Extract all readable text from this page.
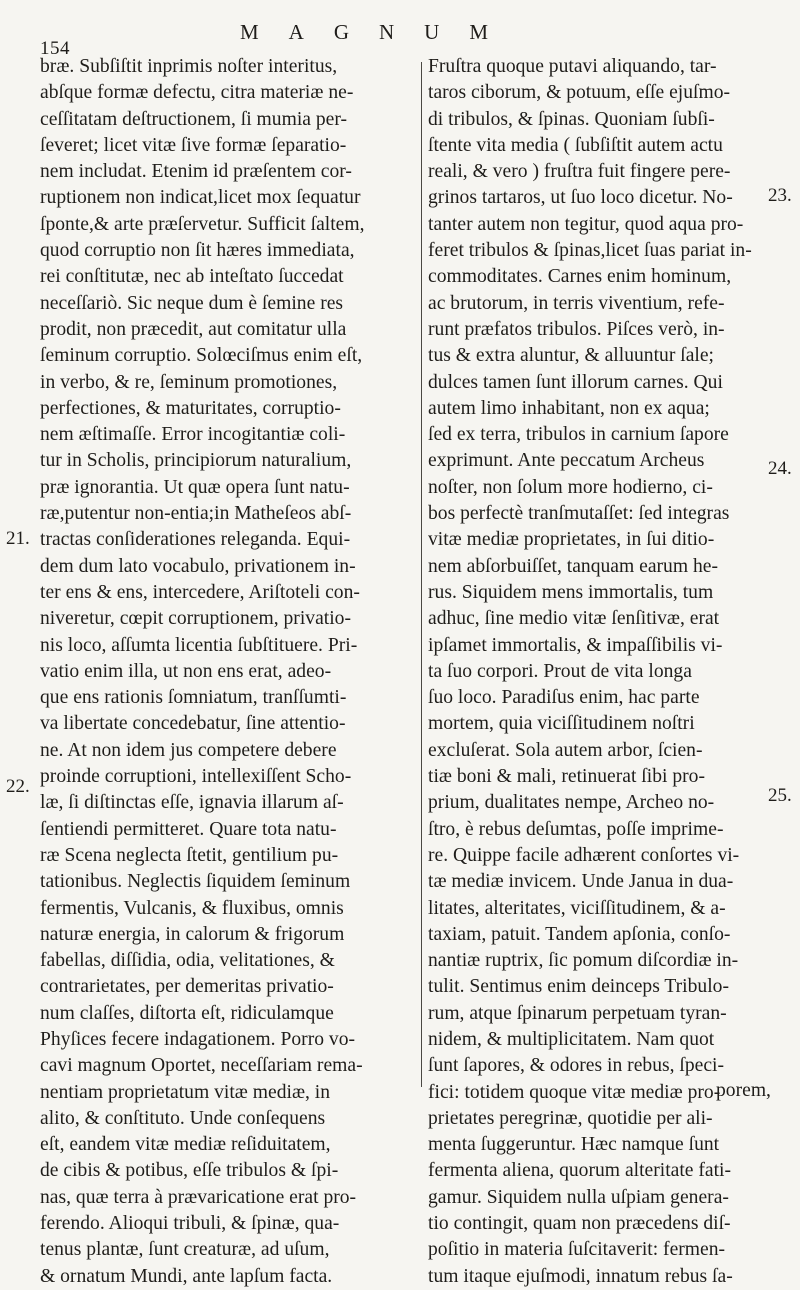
154
MAGNUM
bræ. Subſiſtit inprimis noſter interitus,
abſque formæ defectu, citra materiæ ne-
ceſſitatam deſtructionem, ſi mumia per-
ſeveret; licet vitæ ſive formæ ſeparatio-
nem includat. Etenim id præſentem cor-
ruptionem non indicat,licet mox ſequatur
ſponte,& arte præſervetur. Sufficit ſaltem,
quod corruptio non ſit hæres immediata,
rei conſtitutæ, nec ab inteſtato ſuccedat
neceſſariò. Sic neque dum è ſemine res
prodit, non præcedit, aut comitatur ulla
ſeminum corruptio. Solœciſmus enim eſt,
in verbo, & re, ſeminum promotiones,
perfectiones, & maturitates, corruptio-
nem æſtimaſſe. Error incogitantiæ coli-
tur in Scholis, principiorum naturalium,
præ ignorantia. Ut quæ opera ſunt natu-
ræ,putentur non-entia;in Matheſeos abſ-
tractas conſiderationes releganda. Equi-
dem dum lato vocabulo, privationem in-
ter ens & ens, intercedere, Ariſtoteli con-
niveretur, cœpit corruptionem, privatio-
nis loco, aſſumta licentia ſubſtituere. Pri-
vatio enim illa, ut non ens erat, adeo-
que ens rationis ſomniatum, tranſſumti-
va libertate concedebatur, ſine attentio-
ne. At non idem jus competere debere
proinde corruptioni, intellexiſſent Scho-
læ, ſi diſtinctas eſſe, ignavia illarum aſ-
ſentiendi permitteret. Quare tota natu-
ræ Scena neglecta ſtetit, gentilium pu-
tationibus. Neglectis ſiquidem ſeminum
fermentis, Vulcanis, & fluxibus, omnis
naturæ energia, in calorum & frigorum
fabellas, diſſidia, odia, velitationes, &
contrarietates, per demeritas privatio-
num claſſes, diſtorta eſt, ridiculamque
Phyſices fecere indagationem. Porro vo-
cavi magnum Oportet, neceſſariam rema-
nentiam proprietatum vitæ mediæ, in
alito, & conſtituto. Unde conſequens
eſt, eandem vitæ mediæ reſiduitatem,
de cibis & potibus, eſſe tribulos & ſpi-
nas, quæ terra à prævaricatione erat pro-
ferendo. Alioqui tribuli, & ſpinæ, qua-
tenus plantæ, ſunt creaturæ, ad uſum,
& ornatum Mundi, ante lapſum facta.
Fruſtra quoque putavi aliquando, tar-
taros ciborum, & potuum, eſſe ejuſmo-
di tribulos, & ſpinas. Quoniam ſubſi-
ſtente vita media ( ſubſiſtit autem actu
reali, & vero ) fruſtra fuit fingere pere-
grinos tartaros, ut ſuo loco dicetur. No-
tanter autem non tegitur, quod aqua pro-
feret tribulos & ſpinas,licet ſuas pariat in-
commoditates. Carnes enim hominum,
ac brutorum, in terris viventium, refe-
runt præfatos tribulos. Piſces verò, in-
tus & extra aluntur, & alluuntur ſale;
dulces tamen ſunt illorum carnes. Qui
autem limo inhabitant, non ex aqua;
ſed ex terra, tribulos in carnium ſapore
exprimunt. Ante peccatum Archeus
noſter, non ſolum more hodierno, ci-
bos perfectè tranſmutaſſet: ſed integras
vitæ mediæ proprietates, in ſui ditio-
nem abſorbuiſſet, tanquam earum he-
rus. Siquidem mens immortalis, tum
adhuc, ſine medio vitæ ſenſitivæ, erat
ipſamet immortalis, & impaſſibilis vi-
ta ſuo corpori. Prout de vita longa
ſuo loco. Paradiſus enim, hac parte
mortem, quia viciſſitudinem noſtri
excluſerat. Sola autem arbor, ſcien-
tiæ boni & mali, retinuerat ſibi pro-
prium, dualitates nempe, Archeo no-
ſtro, è rebus deſumtas, poſſe imprime-
re. Quippe facile adhærent conſortes vi-
tæ mediæ invicem. Unde Janua in dua-
litates, alteritates, viciſſitudinem, & a-
taxiam, patuit. Tandem apſonia, conſo-
nantiæ ruptrix, ſic pomum diſcordiæ in-
tulit. Sentimus enim deinceps Tribulo-
rum, atque ſpinarum perpetuam tyran-
nidem, & multiplicitatem. Nam quot
ſunt ſapores, & odores in rebus, ſpeci-
fici: totidem quoque vitæ mediæ pro-
prietates peregrinæ, quotidie per ali-
menta ſuggeruntur. Hæc namque ſunt
fermenta aliena, quorum alteritate fati-
gamur. Siquidem nulla uſpiam genera-
tio contingit, quam non præcedens diſ-
poſitio in materia ſuſcitaverit: fermen-
tum itaque ejuſmodi, innatum rebus ſa-
21.
22.
23.
24.
25.
porem,
